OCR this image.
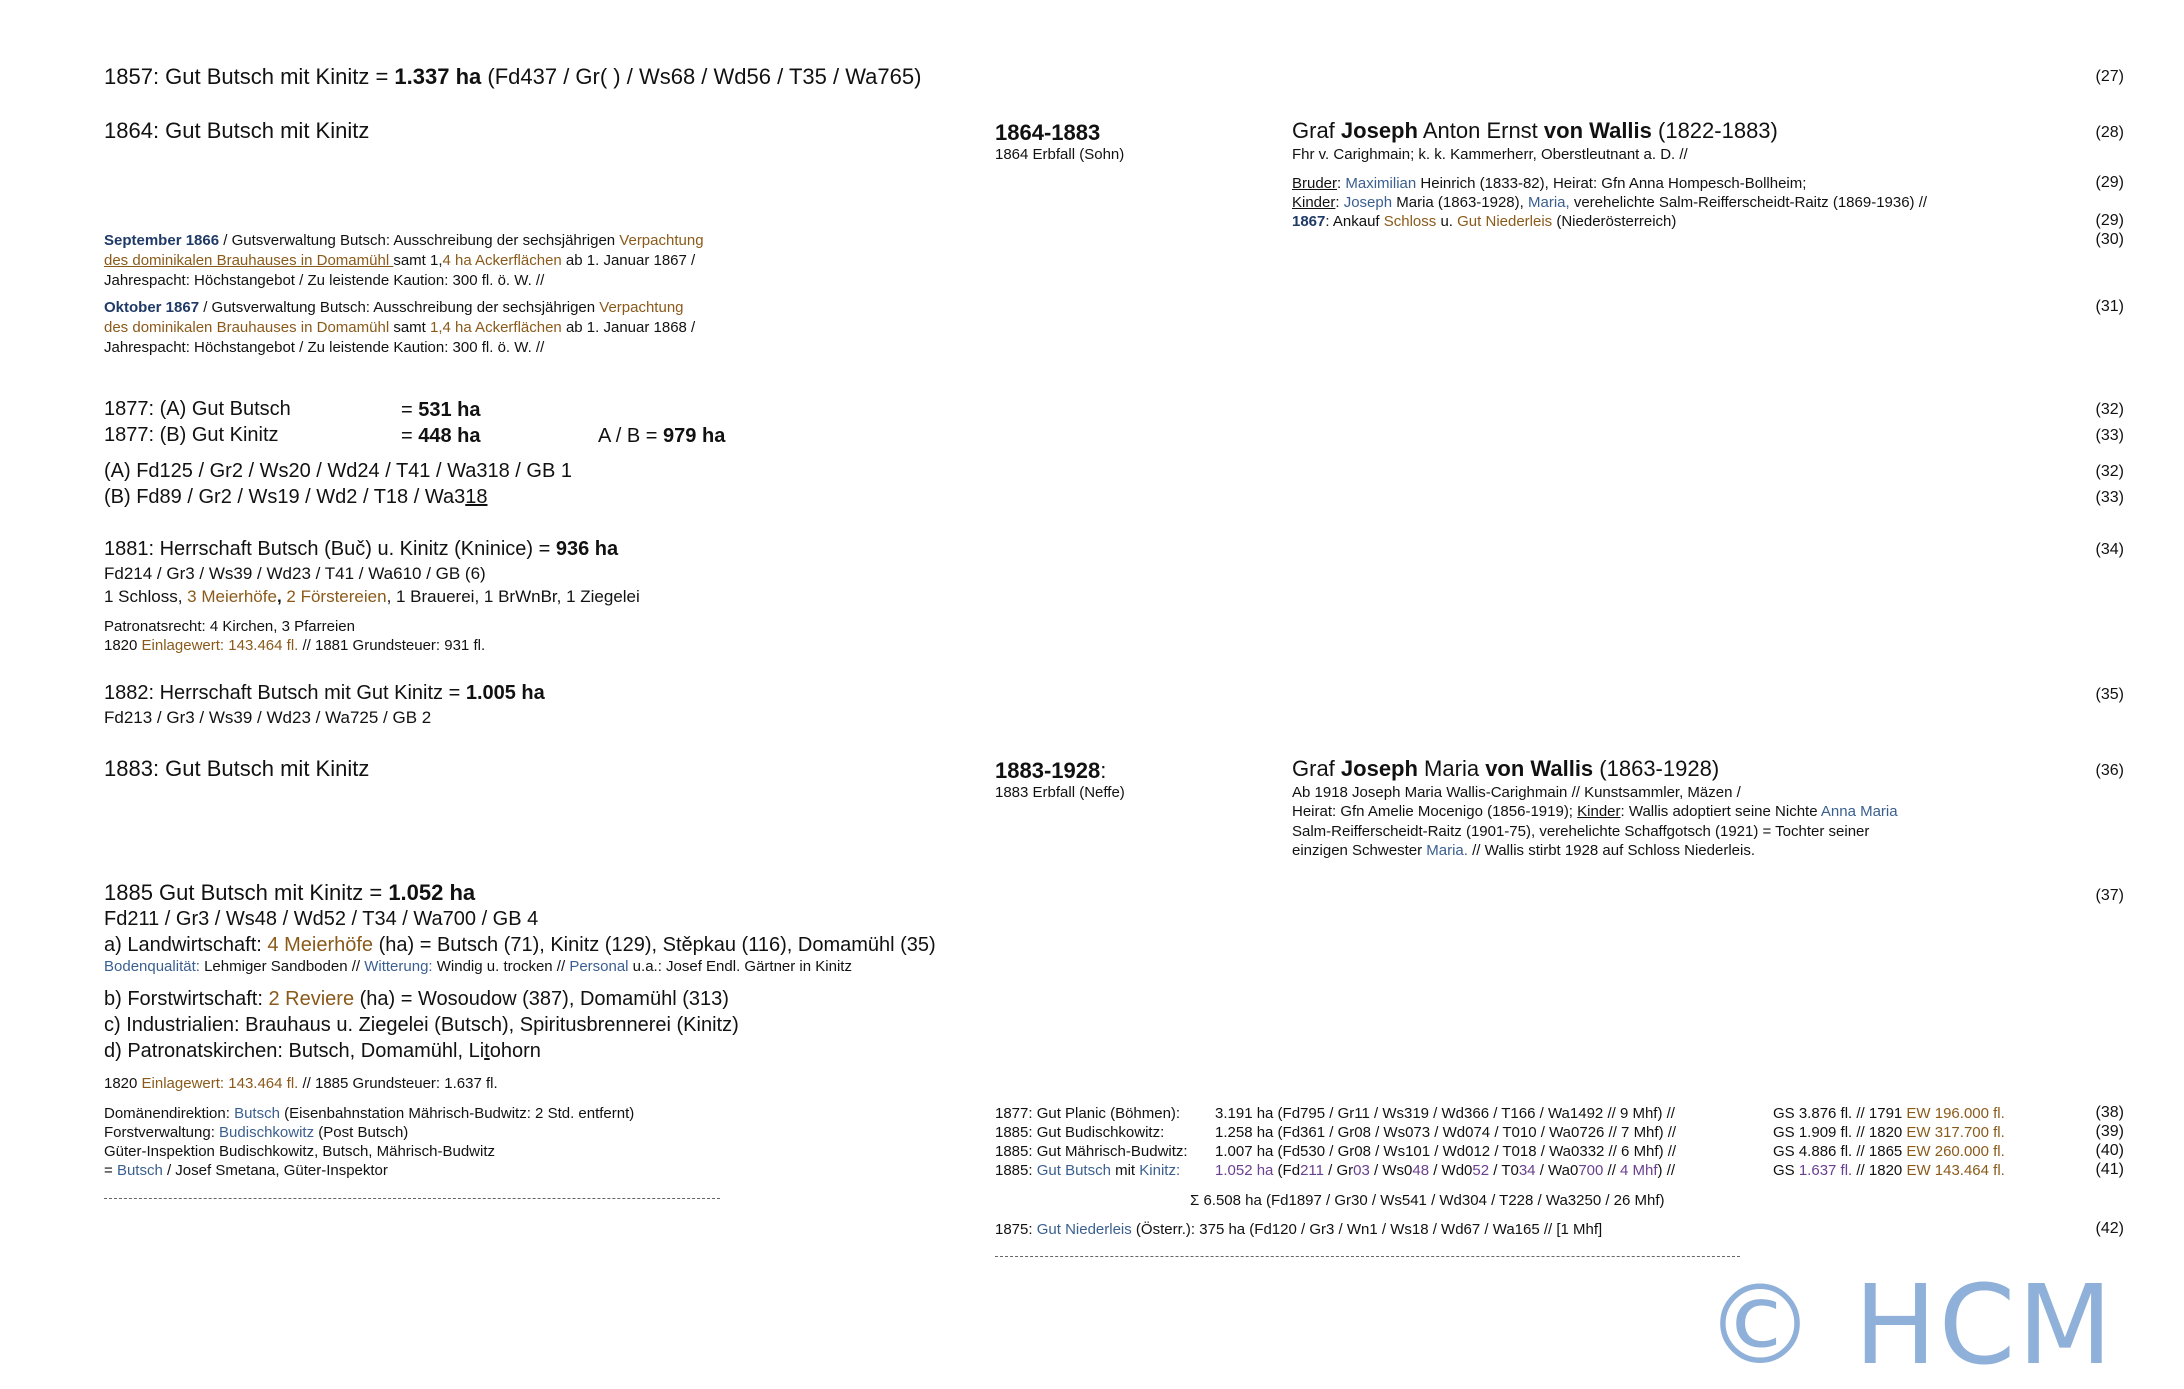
1857: Gut Butsch mit Kinitz = 1.337 ha (Fd437 / Gr( ) / Ws68 / Wd56 / T35 / Wa765)	(27)
1864: Gut Butsch mit Kinitz	1864-1883
1864 Erbfall (Sohn)
Graf Joseph Anton Ernst von Wallis (1822-1883)
Fhr v. Carighmain; k. k. Kammerherr, Oberstleutnant a. D. //
(28)
Bruder: Maximilian Heinrich (1833-82), Heirat: Gfn Anna Hompesch-Bollheim;	(29)
Kinder: Joseph Maria (1863-1928), Maria, verehelichte Salm-Reifferscheidt-Raitz (1869-1936) //
1867: Ankauf Schloss u. Gut Niederleis (Niederösterreich)	(29)
September 1866 / Gutsverwaltung Butsch: Ausschreibung der sechsjährigen Verpachtung	(30)
des dominikalen Brauhauses in Domamühl samt 1,4 ha Ackerflächen ab 1. Januar 1867 /
Jahrespacht: Höchstangebot / Zu leistende Kaution: 300 fl. ö. W. //
Oktober 1867 / Gutsverwaltung Butsch: Ausschreibung der sechsjährigen Verpachtung	(31)
des dominikalen Brauhauses in Domamühl samt 1,4 ha Ackerflächen ab 1. Januar 1868 /
Jahrespacht: Höchstangebot / Zu leistende Kaution: 300 fl. ö. W. //
1877: (A) Gut Butsch	= 531 ha	(32)
1877: (B) Gut Kinitz	= 448 ha	A / B = 979 ha	(33)
(A) Fd125 / Gr2 / Ws20 / Wd24 / T41 / Wa318 / GB 1	(32)
(B) Fd89 / Gr2 / Ws19 / Wd2 / T18 / Wa318	(33)
1881: Herrschaft Butsch (Buč) u. Kinitz (Kninice) = 936 ha	(34)
Fd214 / Gr3 / Ws39 / Wd23 / T41 / Wa610 / GB (6)
1 Schloss, 3 Meierhöfe, 2 Förstereien, 1 Brauerei, 1 BrWnBr, 1 Ziegelei
Patronatsrecht: 4 Kirchen, 3 Pfarreien
1820 Einlagewert: 143.464 fl. // 1881 Grundsteuer: 931 fl.
1882: Herrschaft Butsch mit Gut Kinitz = 1.005 ha	(35)
Fd213 / Gr3 / Ws39 / Wd23 / Wa725 / GB 2
1883: Gut Butsch mit Kinitz	1883-1928:
1883 Erbfall (Neffe)
Graf Joseph Maria von Wallis (1863-1928)	(36)
Ab 1918 Joseph Maria Wallis-Carighmain // Kunstsammler, Mäzen /
Heirat: Gfn Amelie Mocenigo (1856-1919); Kinder: Wallis adoptiert seine Nichte Anna Maria
Salm-Reifferscheidt-Raitz (1901-75), verehelichte Schaffgotsch (1921) = Tochter seiner
einzigen Schwester Maria. // Wallis stirbt 1928 auf Schloss Niederleis.
1885 Gut Butsch mit Kinitz = 1.052 ha	(37)
Fd211 / Gr3 / Ws48 / Wd52 / T34 / Wa700 / GB 4
a) Landwirtschaft: 4 Meierhöfe (ha) = Butsch (71), Kinitz (129), Stěpkau (116), Domamühl (35)
Bodenqualität: Lehmiger Sandboden // Witterung: Windig u. trocken // Personal u.a.: Josef Endl. Gärtner in Kinitz
b) Forstwirtschaft: 2 Reviere (ha) = Wosoudow (387), Domamühl (313)
c) Industrialien: Brauhaus u. Ziegelei (Butsch), Spiritusbrennerei (Kinitz)
d) Patronatskirchen: Butsch, Domamühl, Litohorn
1820 Einlagewert: 143.464 fl. // 1885 Grundsteuer: 1.637 fl.
Domänendirektion: Butsch (Eisenbahnstation Mährisch-Budwitz: 2 Std. entfernt)
Forstverwaltung: Budischkowitz (Post Butsch)
Güter-Inspektion Budischkowitz, Butsch, Mährisch-Budwitz
= Butsch / Josef Smetana, Güter-Inspektor
1877: Gut Planic (Böhmen): 3.191 ha (Fd795 / Gr11 / Ws319 / Wd366 / T166 / Wa1492 // 9 Mhf) //	GS 3.876 fl. // 1791 EW 196.000 fl.	(38)
1885: Gut Budischkowitz:	1.258 ha (Fd361 / Gr08 / Ws073 / Wd074 / T010 / Wa0726 // 7 Mhf) //	GS 1.909 fl. // 1820 EW 317.700 fl.	(39)
1885: Gut Mährisch-Budwitz: 1.007 ha (Fd530 / Gr08 / Ws101 / Wd012 / T018 / Wa0332 // 6 Mhf) //	GS 4.886 fl. // 1865 EW 260.000 fl.	(40)
1885: Gut Butsch mit Kinitz: 1.052 ha (Fd211 / Gr03 / Ws048 / Wd052 / T034 / Wa0700 // 4 Mhf) //	GS 1.637 fl. // 1820 EW 143.464 fl.	(41)
Σ 6.508 ha (Fd1897 / Gr30 / Ws541 / Wd304 / T228 / Wa3250 / 26 Mhf)
1875: Gut Niederleis (Österr.): 375 ha (Fd120 / Gr3 / Wn1 / Ws18 / Wd67 / Wa165 // [1 Mhf]	(42)
© HCM
